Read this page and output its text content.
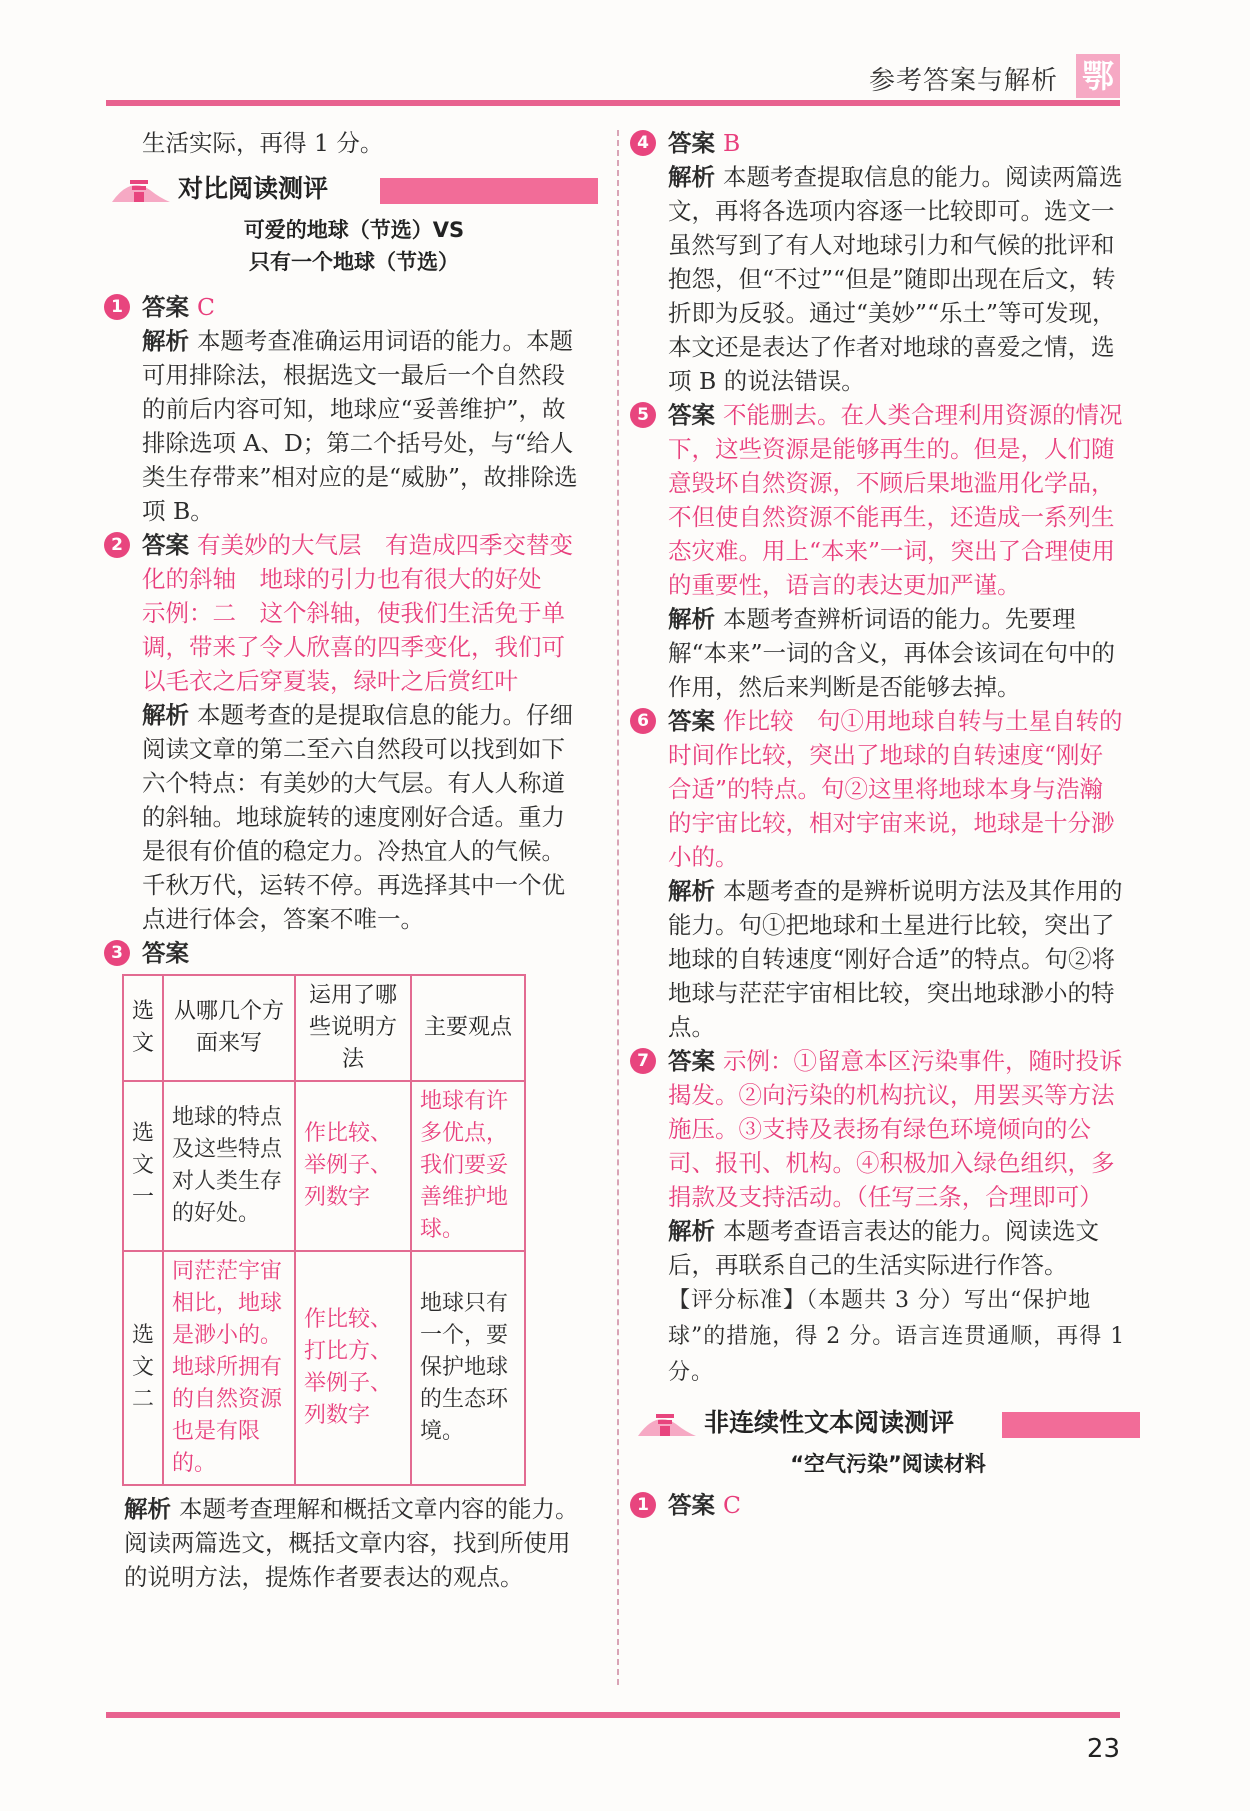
参考答案与解析 鄂

生活实际，再得 1 分。

对比阅读测评
可爱的地球（节选）VS
只有一个地球（节选）
1 答案 C
解析 本题考查准确运用词语的能力。本题可用排除法，根据选文一最后一个自然段的前后内容可知，地球应“妥善维护”，故排除选项 A、D；第二个括号处，与“给人类生存带来”相对应的是“威胁”，故排除选项 B。
2 答案 有美妙的大气层　有造成四季交替变化的斜轴　地球的引力也有很大的好处
示例：二　这个斜轴，使我们生活免于单调，带来了令人欣喜的四季变化，我们可以毛衣之后穿夏装，绿叶之后赏红叶
解析 本题考查的是提取信息的能力。仔细阅读文章的第二至六自然段可以找到如下六个特点：有美妙的大气层。有人人称道的斜轴。地球旋转的速度刚好合适。重力是很有价值的稳定力。冷热宜人的气候。千秋万代，运转不停。再选择其中一个优点进行体会，答案不唯一。
3 答案
选文	从哪几个方面来写	运用了哪些说明方法	主要观点
选文一	地球的特点及这些特点对人类生存的好处。	作比较、举例子、列数字	地球有许多优点，我们要妥善维护地球。
选文二	同茫茫宇宙相比，地球是渺小的。地球所拥有的自然资源也是有限的。	作比较、打比方、举例子、列数字	地球只有一个，要保护地球的生态环境。

解析 本题考查理解和概括文章内容的能力。阅读两篇选文，概括文章内容，找到所使用的说明方法，提炼作者要表达的观点。

4 答案 B
解析 本题考查提取信息的能力。阅读两篇选文，再将各选项内容逐一比较即可。选文一虽然写到了有人对地球引力和气候的批评和抱怨，但“不过”“但是”随即出现在后文，转折即为反驳。通过“美妙”“乐土”等可发现，本文还是表达了作者对地球的喜爱之情，选项 B 的说法错误。
5 答案 不能删去。在人类合理利用资源的情况下，这些资源是能够再生的。但是，人们随意毁坏自然资源，不顾后果地滥用化学品，不但使自然资源不能再生，还造成一系列生态灾难。用上“本来”一词，突出了合理使用的重要性，语言的表达更加严谨。
解析 本题考查辨析词语的能力。先要理解“本来”一词的含义，再体会该词在句中的作用，然后来判断是否能够去掉。
6 答案 作比较　句①用地球自转与土星自转的时间作比较，突出了地球的自转速度“刚好合适”的特点。句②这里将地球本身与浩瀚的宇宙比较，相对宇宙来说，地球是十分渺小的。
解析 本题考查的是辨析说明方法及其作用的能力。句①把地球和土星进行比较，突出了地球的自转速度“刚好合适”的特点。句②将地球与茫茫宇宙相比较，突出地球渺小的特点。
7 答案 示例：①留意本区污染事件，随时投诉揭发。②向污染的机构抗议，用罢买等方法施压。③支持及表扬有绿色环境倾向的公司、报刊、机构。④积极加入绿色组织，多捐款及支持活动。（任写三条，合理即可）
解析 本题考查语言表达的能力。阅读选文后，再联系自己的生活实际进行作答。
【评分标准】（本题共 3 分）写出“保护地球”的措施，得 2 分。语言连贯通顺，再得 1 分。
非连续性文本阅读测评
“空气污染”阅读材料
1 答案 C
23
